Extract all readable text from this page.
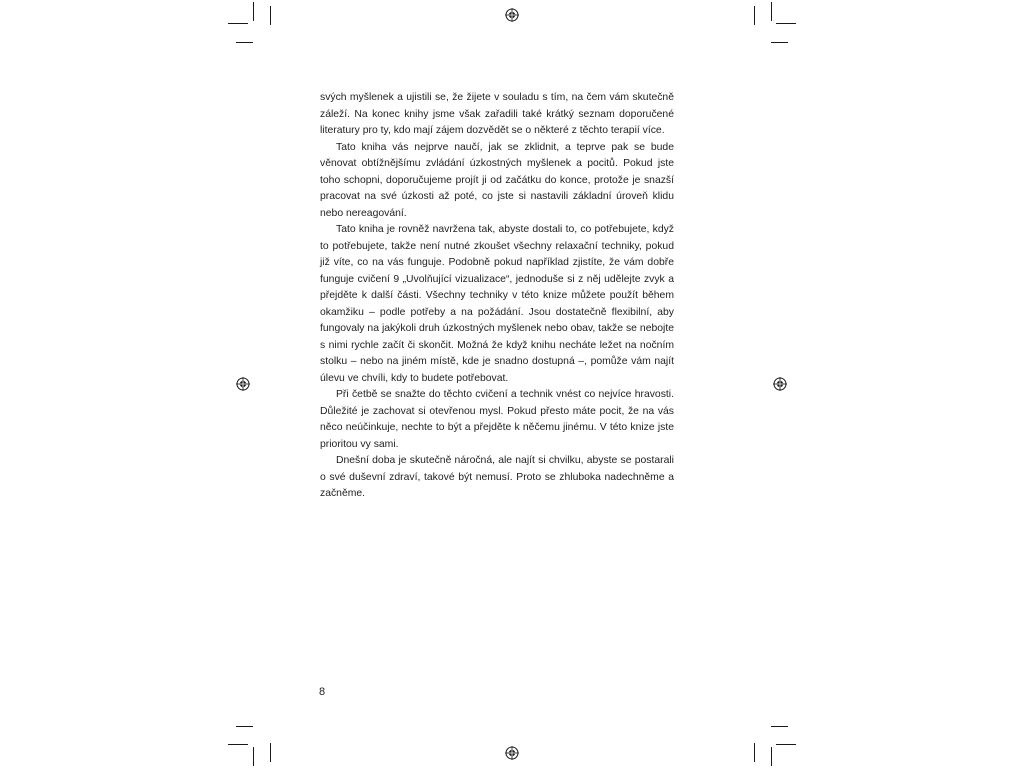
svých myšlenek a ujistili se, že žijete v souladu s tím, na čem vám skutečně záleží. Na konec knihy jsme však zařadili také krátký seznam doporučené literatury pro ty, kdo mají zájem dozvědět se o některé z těchto terapií více.

Tato kniha vás nejprve naučí, jak se zklidnit, a teprve pak se bude věnovat obtížnějšímu zvládání úzkostných myšlenek a pocitů. Pokud jste toho schopni, doporučujeme projít ji od začátku do konce, protože je snazší pracovat na své úzkosti až poté, co jste si nastavili základní úroveň klidu nebo nereagování.

Tato kniha je rovněž navržena tak, abyste dostali to, co potřebujete, když to potřebujete, takže není nutné zkoušet všechny relaxační techniky, pokud již víte, co na vás funguje. Podobně pokud například zjistíte, že vám dobře funguje cvičení 9 „Uvolňující vizualizace“, jednoduše si z něj udělejte zvyk a přejděte k další části. Všechny techniky v této knize můžete použít během okamžiku – podle potřeby a na požádání. Jsou dostatečně flexibilní, aby fungovaly na jakýkoli druh úzkostných myšlenek nebo obav, takže se nebojte s nimi rychle začít či skončit. Možná že když knihu necháte ležet na nočním stolku – nebo na jiném místě, kde je snadno dostupná –, pomůže vám najít úlevu ve chvíli, kdy to budete potřebovat.

Při četbě se snažte do těchto cvičení a technik vnést co nejvíce hravosti. Důležité je zachovat si otevřenou mysl. Pokud přesto máte pocit, že na vás něco neúčinkuje, nechte to být a přejděte k něčemu jinému. V této knize jste prioritou vy sami.

Dnešní doba je skutečně náročná, ale najít si chvilku, abyste se postarali o své duševní zdraví, takové být nemusí. Proto se zhluboka nadechněme a začněme.

8
